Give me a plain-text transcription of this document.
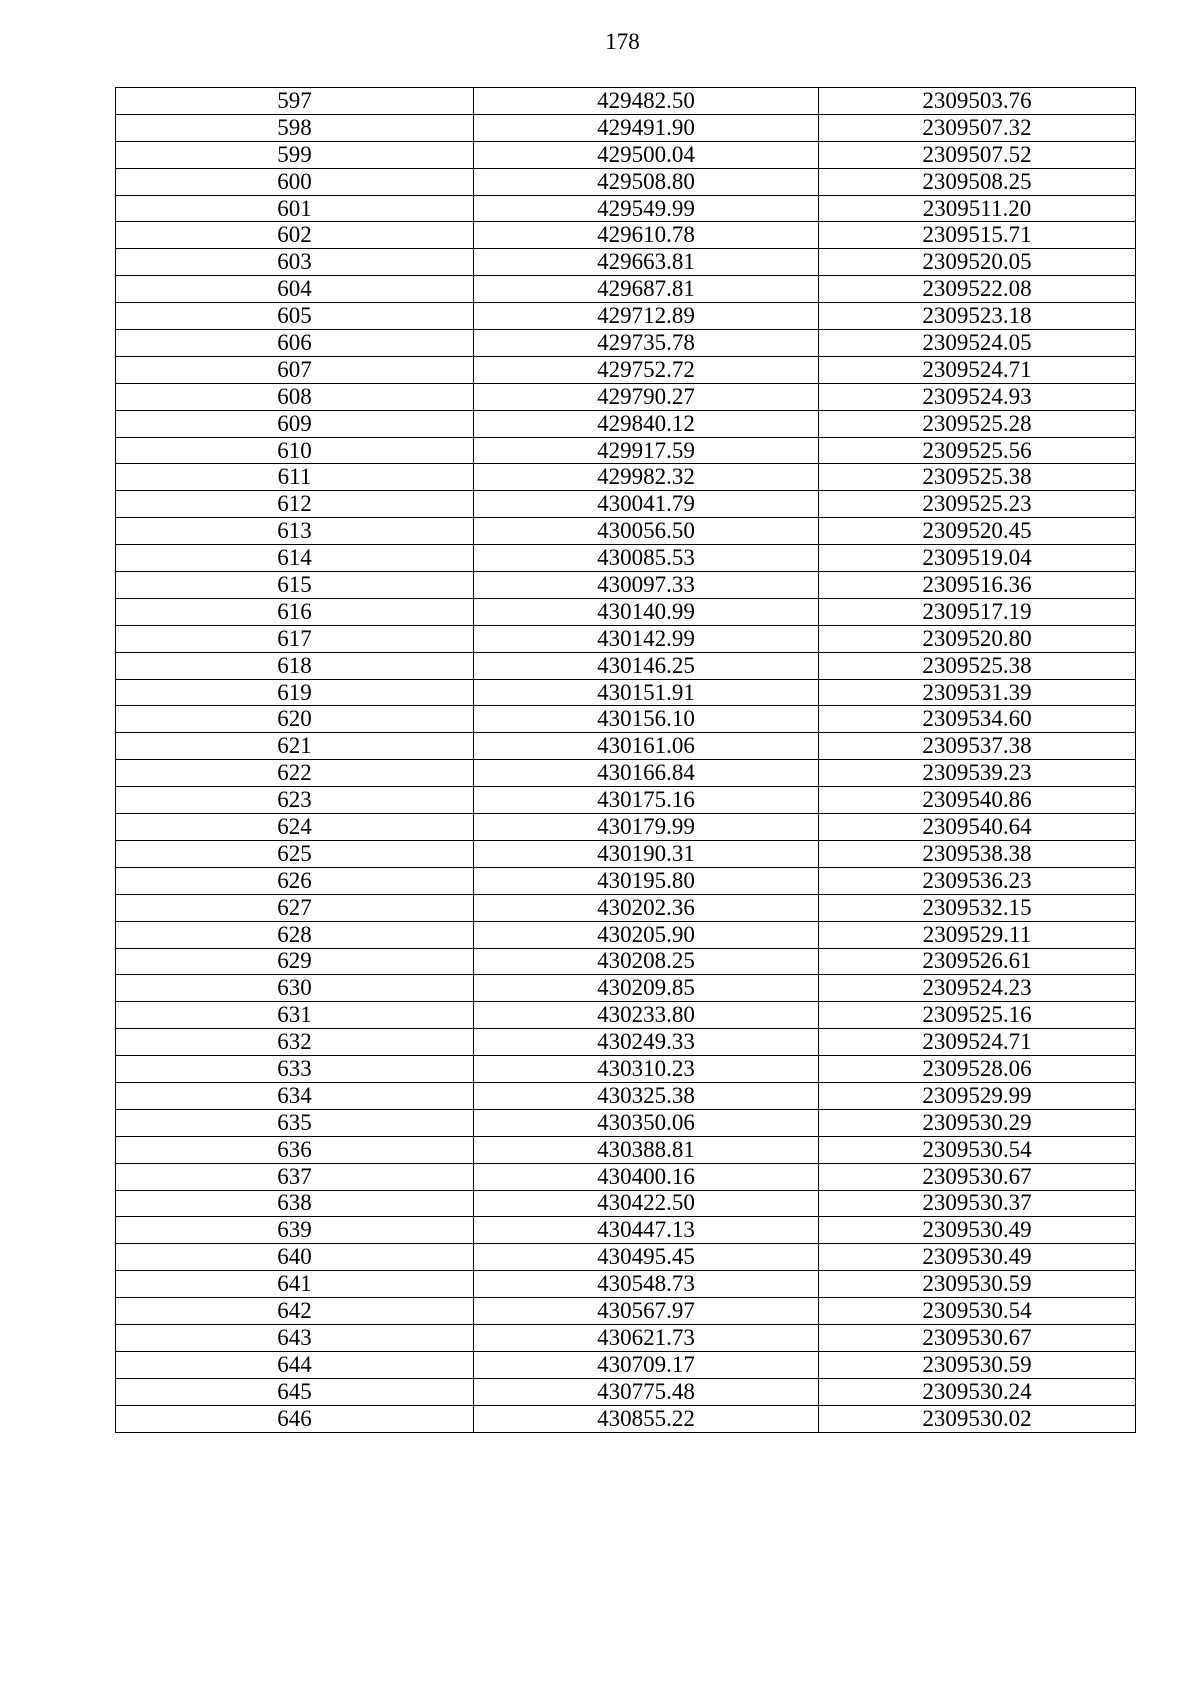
178
597	429482.50	2309503.76
598	429491.90	2309507.32
599	429500.04	2309507.52
600	429508.80	2309508.25
601	429549.99	2309511.20
602	429610.78	2309515.71
603	429663.81	2309520.05
604	429687.81	2309522.08
605	429712.89	2309523.18
606	429735.78	2309524.05
607	429752.72	2309524.71
608	429790.27	2309524.93
609	429840.12	2309525.28
610	429917.59	2309525.56
611	429982.32	2309525.38
612	430041.79	2309525.23
613	430056.50	2309520.45
614	430085.53	2309519.04
615	430097.33	2309516.36
616	430140.99	2309517.19
617	430142.99	2309520.80
618	430146.25	2309525.38
619	430151.91	2309531.39
620	430156.10	2309534.60
621	430161.06	2309537.38
622	430166.84	2309539.23
623	430175.16	2309540.86
624	430179.99	2309540.64
625	430190.31	2309538.38
626	430195.80	2309536.23
627	430202.36	2309532.15
628	430205.90	2309529.11
629	430208.25	2309526.61
630	430209.85	2309524.23
631	430233.80	2309525.16
632	430249.33	2309524.71
633	430310.23	2309528.06
634	430325.38	2309529.99
635	430350.06	2309530.29
636	430388.81	2309530.54
637	430400.16	2309530.67
638	430422.50	2309530.37
639	430447.13	2309530.49
640	430495.45	2309530.49
641	430548.73	2309530.59
642	430567.97	2309530.54
643	430621.73	2309530.67
644	430709.17	2309530.59
645	430775.48	2309530.24
646	430855.22	2309530.02
